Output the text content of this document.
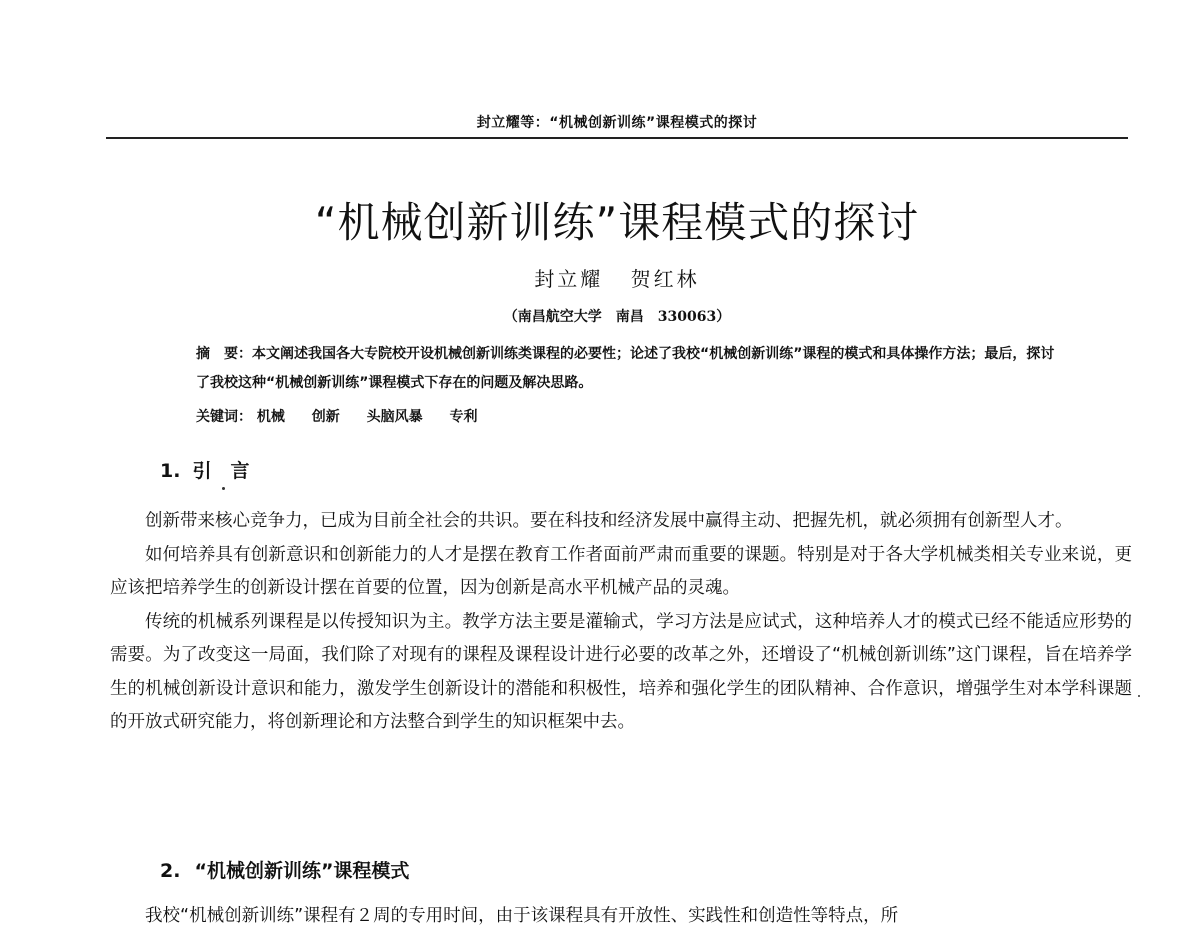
封立耀等：“机械创新训练”课程模式的探讨
“机械创新训练”课程模式的探讨
封立耀 贺红林
（南昌航空大学　南昌　330063）
摘　要：本文阐述我国各大专院校开设机械创新训练类课程的必要性；论述了我校“机械创新训练”课程的模式和具体操作方法；最后，探讨了我校这种“机械创新训练”课程模式下存在的问题及解决思路。
关键词： 机械 创新 头脑风暴 专利
1. 引　言

创新带来核心竞争力，已成为目前全社会的共识。要在科技和经济发展中赢得主动、把握先机，就必须拥有创新型人才。

如何培养具有创新意识和创新能力的人才是摆在教育工作者面前严肃而重要的课题。特别是对于各大学机械类相关专业来说，更应该把培养学生的创新设计摆在首要的位置，因为创新是高水平机械产品的灵魂。

传统的机械系列课程是以传授知识为主。教学方法主要是灌输式，学习方法是应试式，这种培养人才的模式已经不能适应形势的需要。为了改变这一局面，我们除了对现有的课程及课程设计进行必要的改革之外，还增设了“机械创新训练”这门课程，旨在培养学生的机械创新设计意识和能力，激发学生创新设计的潜能和积极性，培养和强化学生的团队精神、合作意识，增强学生对本学科课题的开放式研究能力，将创新理论和方法整合到学生的知识框架中去。

2. “机械创新训练”课程模式

我校“机械创新训练”课程有２周的专用时间，由于该课程具有开放性、实践性和创造性等特点，所
